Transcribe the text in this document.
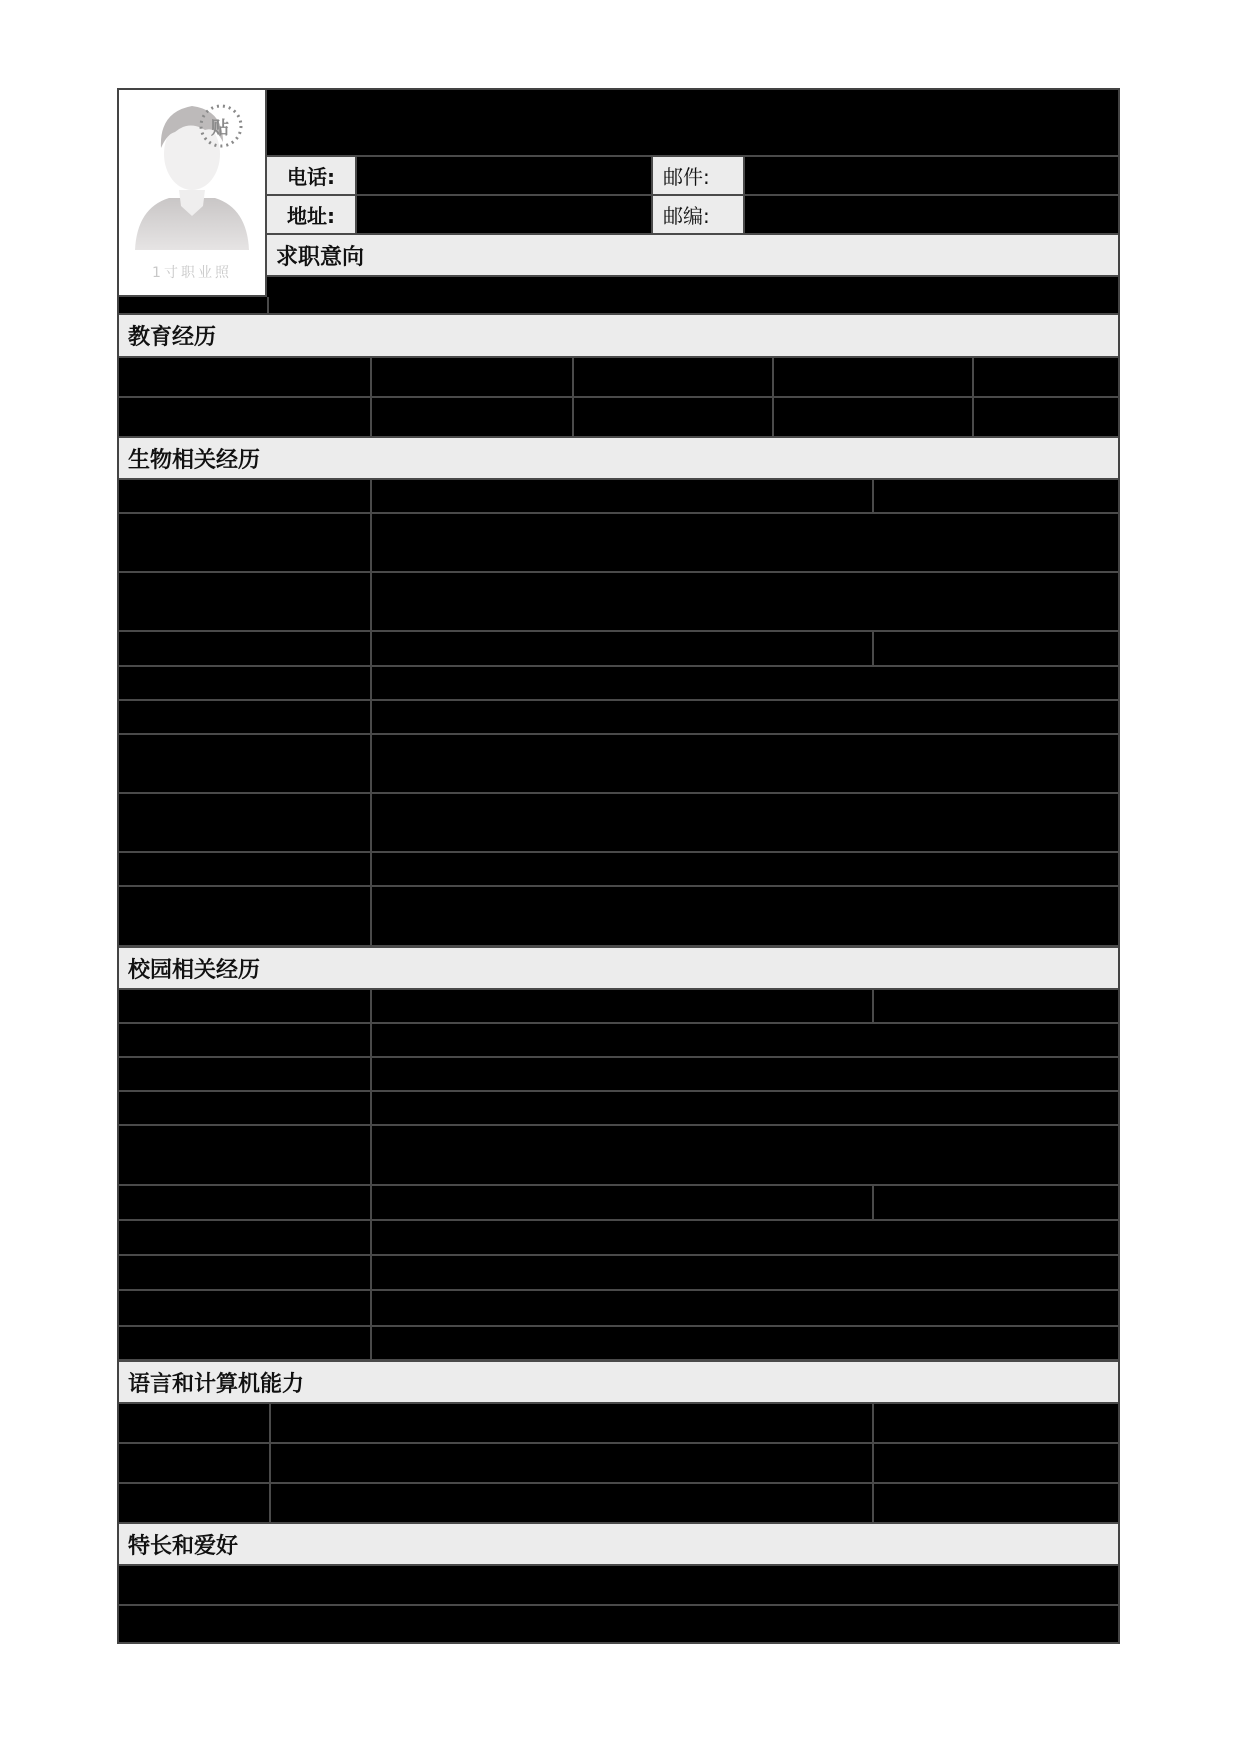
贴
1寸职业照
电话:	邮件:
地址:	邮编:
求职意向
教育经历
生物相关经历
校园相关经历
语言和计算机能力
特长和爱好
